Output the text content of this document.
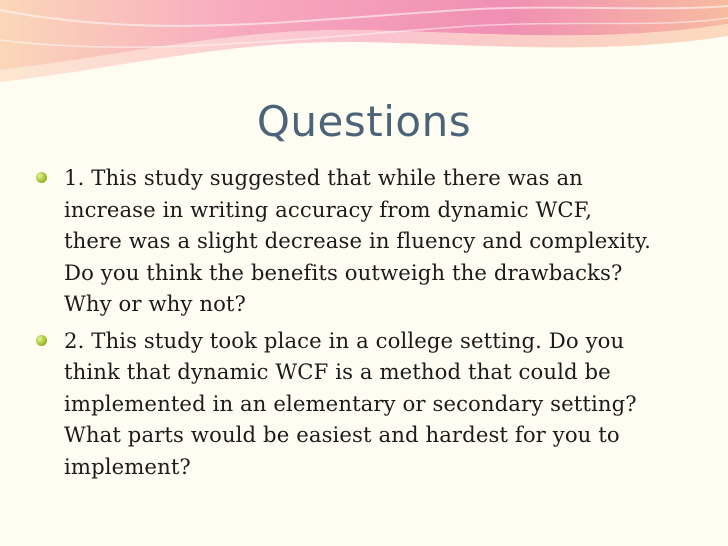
Questions
1. This study suggested that while there was an
increase in writing accuracy from dynamic WCF,
there was a slight decrease in fluency and complexity.
Do you think the benefits outweigh the drawbacks?
Why or why not?
2. This study took place in a college setting. Do you
think that dynamic WCF is a method that could be
implemented in an elementary or secondary setting?
What parts would be easiest and hardest for you to
implement?
